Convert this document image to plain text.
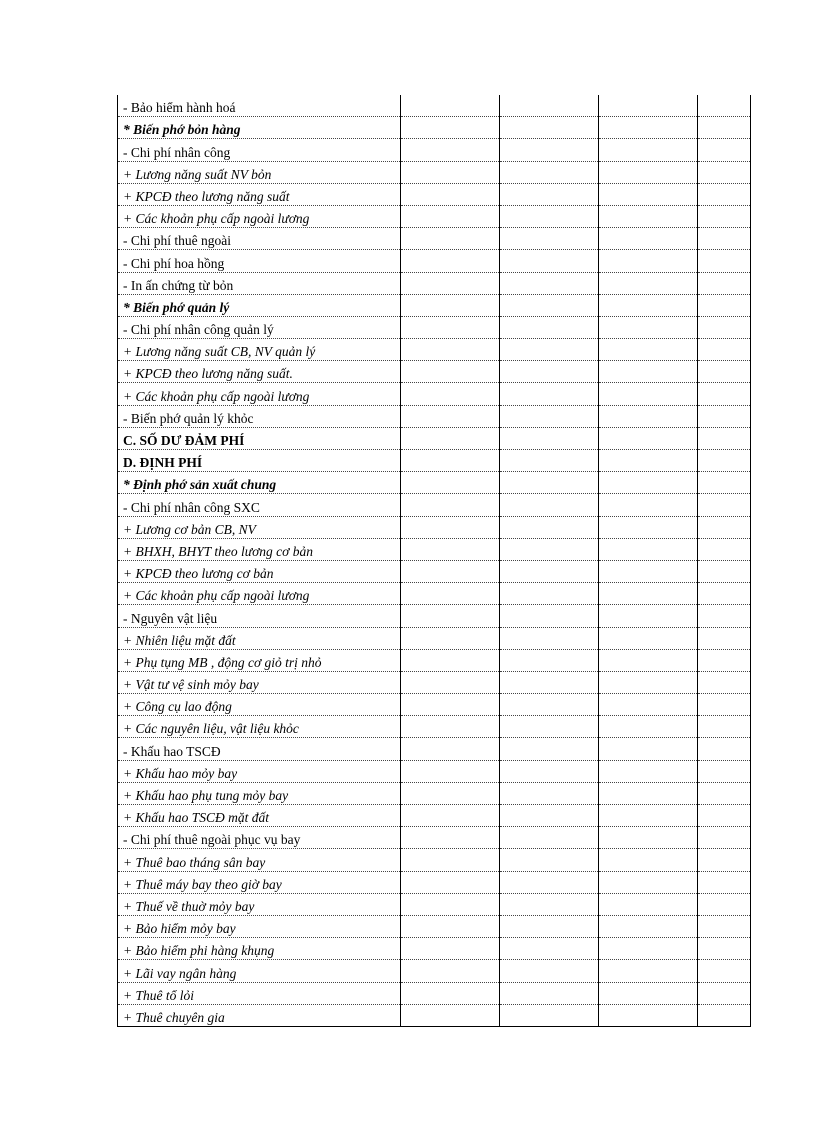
- Bảo hiểm hành hoá				
* Biến phớ bỏn hàng				
- Chi phí nhân công				
+ Lương năng suất NV bỏn				
+ KPCĐ theo lương năng suất				
+ Các khoản phụ cấp ngoài lương				
- Chi phí thuê ngoài				
- Chi phí hoa hồng				
- In ấn chứng từ bỏn				
* Biến phớ quản lý				
- Chi phí nhân công quản lý				
+ Lương năng suất CB, NV quản lý				
+ KPCĐ theo lương năng suất.				
+ Các khoản phụ cấp ngoài lương				
- Biến phớ quản lý khỏc				
C. SỐ DƯ ĐẢM PHÍ				
D. ĐỊNH PHÍ				
* Định phớ sản xuất chung				
- Chi phí nhân công SXC				
+ Lương cơ bản CB, NV				
+ BHXH, BHYT theo lương cơ bản				
+ KPCĐ theo lương cơ bản				
+ Các khoản phụ cấp ngoài lương				
- Nguyên vật liệu				
+ Nhiên liệu mặt đất				
+ Phụ tụng MB , động cơ giỏ trị nhỏ				
+ Vật tư vệ sinh mỏy bay				
+ Công cụ lao động				
+ Các nguyên liệu, vật liệu khỏc				
- Khấu hao TSCĐ				
+ Khấu hao mỏy bay				
+ Khấu hao phụ tung mỏy bay				
+ Khấu hao TSCĐ mặt đất				
- Chi phí thuê ngoài phục vụ bay				
+ Thuê bao tháng sân bay				
+ Thuê máy bay theo giờ bay				
+ Thuế về thuờ mỏy bay				
+ Bảo hiểm mỏy bay				
+ Bảo hiểm phi hàng khụng				
+ Lãi vay ngân hàng				
+ Thuê tổ lỏi				
+ Thuê chuyên gia				
